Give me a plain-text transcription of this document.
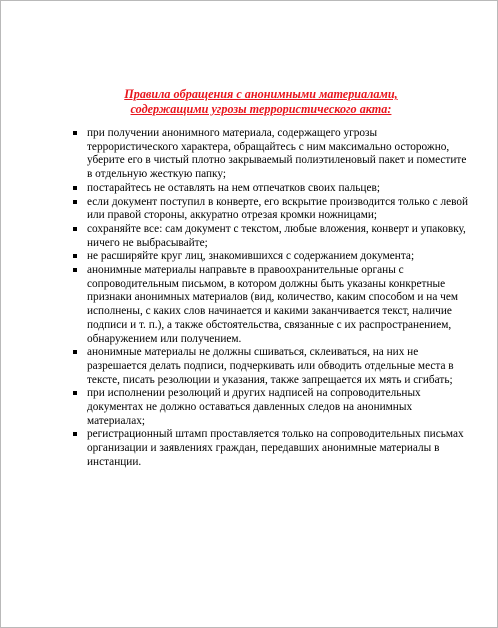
Правила обращения с анонимными материалами,
содержащими угрозы террористического акта:
при получении анонимного материала, содержащего угрозы террористического характера, обращайтесь с ним максимально осторожно, уберите его в чистый плотно закрываемый полиэтиленовый пакет и поместите в отдельную жесткую папку;
постарайтесь не оставлять на нем отпечатков своих пальцев;
если документ поступил в конверте, его вскрытие производится только с левой или правой стороны, аккуратно отрезая кромки ножницами;
сохраняйте все: сам документ с текстом, любые вложения, конверт и упаковку, ничего не выбрасывайте;
не расширяйте круг лиц, знакомившихся с содержанием документа;
анонимные материалы направьте в правоохранительные органы с сопроводительным письмом, в котором должны быть указаны конкретные признаки анонимных материалов (вид, количество, каким способом и на чем исполнены, с каких слов начинается и какими заканчивается текст, наличие подписи и т. п.), а также обстоятельства, связанные с их распространением, обнаружением или получением.
анонимные материалы не должны сшиваться, склеиваться, на них не разрешается делать подписи, подчеркивать или обводить отдельные места в тексте, писать резолюции и указания, также запрещается их мять и сгибать;
при исполнении резолюций и других надписей на сопроводительных документах не должно оставаться давленных следов на анонимных материалах;
регистрационный штамп проставляется только на сопроводительных письмах организации и заявлениях граждан, передавших анонимные материалы в инстанции.
